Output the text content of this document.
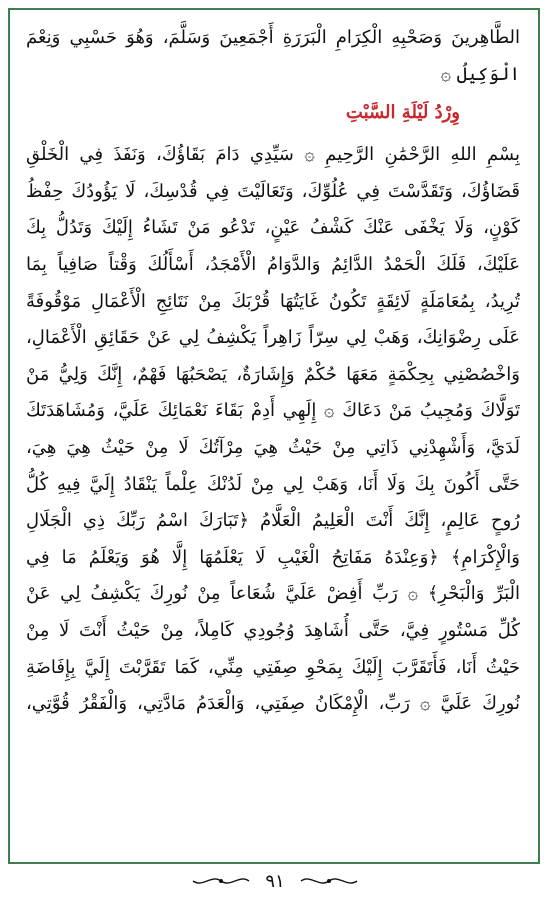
الطَّاهِرينَ وَصَحْبِهِ الْكِرَامِ الْبَرَرَةِ أَجْمَعِينَ وَسَلَّمَ، وَهُوَ حَسْبِي وَنِعْمَ
الْوَكِيلُ ۞
وِرْدُ لَيْلَةِ السَّبْتِ
بِسْمِ اللهِ الرَّحْمَٰنِ الرَّحِيمِ ۞ سَيِّدِي دَامَ بَقَاؤُكَ، وَنَفَذَ فِي الْخَلْقِ
قَضَاؤُكَ، وَتَقَدَّسْتَ فِي عُلُوِّكَ، وَتَعَالَيْتَ فِي قُدْسِكَ، لَا يَؤُودُكَ حِفْظُ
كَوْنٍ، وَلَا يَخْفَى عَنْكَ كَشْفُ عَيْنٍ، تَدْعُو مَنْ تَشَاءُ إِلَيْكَ وَتَدُلُّ بِكَ
عَلَيْكَ، فَلَكَ الْحَمْدُ الدَّائِمُ وَالدَّوَامُ الْأَمْجَدُ، أَسْأَلُكَ وَقْتاً صَافِياً بِمَا
تُرِيدُ، بِمُعَامَلَةٍ لَائِقَةٍ تَكُونُ غَايَتُهَا قُرْبَكَ مِنْ نَتَائِجِ الْأَعْمَالِ مَوْقُوفَةً
عَلَى رِضْوَانِكَ، وَهَبْ لِي سِرّاً زَاهِراً يَكْشِفُ لِي عَنْ حَقَائِقِ الْأَعْمَالِ،
وَاخْصُصْنِي بِحِكْمَةٍ مَعَهَا حُكْمٌ وَإِشَارَةٌ، يَصْحَبُهَا فَهْمٌ، إِنَّكَ وَلِيُّ مَنْ
تَوَلَّاكَ وَمُجِيبُ مَنْ دَعَاكَ ۞ إِلَهِي أَدِمْ بَقَاءَ نَعْمَائِكَ عَلَيَّ، وَمُشَاهَدَتَكَ
لَدَيَّ، وَأَشْهِدْنِي ذَاتِي مِنْ حَيْثُ هِيَ مِرْآتُكَ لَا مِنْ حَيْثُ هِيَ هِيَ،
حَتَّى أَكُونَ بِكَ وَلَا أَنَا، وَهَبْ لِي مِنْ لَدُنْكَ عِلْماً يَنْقَادُ إِلَيَّ فِيهِ كُلُّ
رُوحٍ عَالِمٍ، إِنَّكَ أَنْتَ الْعَلِيمُ الْعَلَّامُ ﴿تَبَارَكَ اسْمُ رَبِّكَ ذِي الْجَلَالِ
وَالْإِكْرَامِ﴾ ﴿وَعِنْدَهُ مَفَاتِحُ الْغَيْبِ لَا يَعْلَمُهَا إِلَّا هُوَ وَيَعْلَمُ مَا فِي
الْبَرِّ وَالْبَحْرِ﴾ ۞ رَبِّ أَفِضْ عَلَيَّ شُعَاعاً مِنْ نُورِكَ يَكْشِفُ لِي عَنْ
كُلِّ مَسْتُورٍ فِيَّ، حَتَّى أُشَاهِدَ وُجُودِي كَامِلاً، مِنْ حَيْثُ أَنْتَ لَا مِنْ
حَيْثُ أَنَا، فَأَتَقَرَّبَ إِلَيْكَ بِمَحْوِ صِفَتِي مِنِّي، كَمَا تَقَرَّبْتَ إِلَيَّ بِإِفَاضَةِ
نُورِكَ عَلَيَّ ۞ رَبِّ، الْإِمْكَانُ صِفَتِي، وَالْعَدَمُ مَادَّتِي، وَالْفَقْرُ قُوَّتِي،
٩١
